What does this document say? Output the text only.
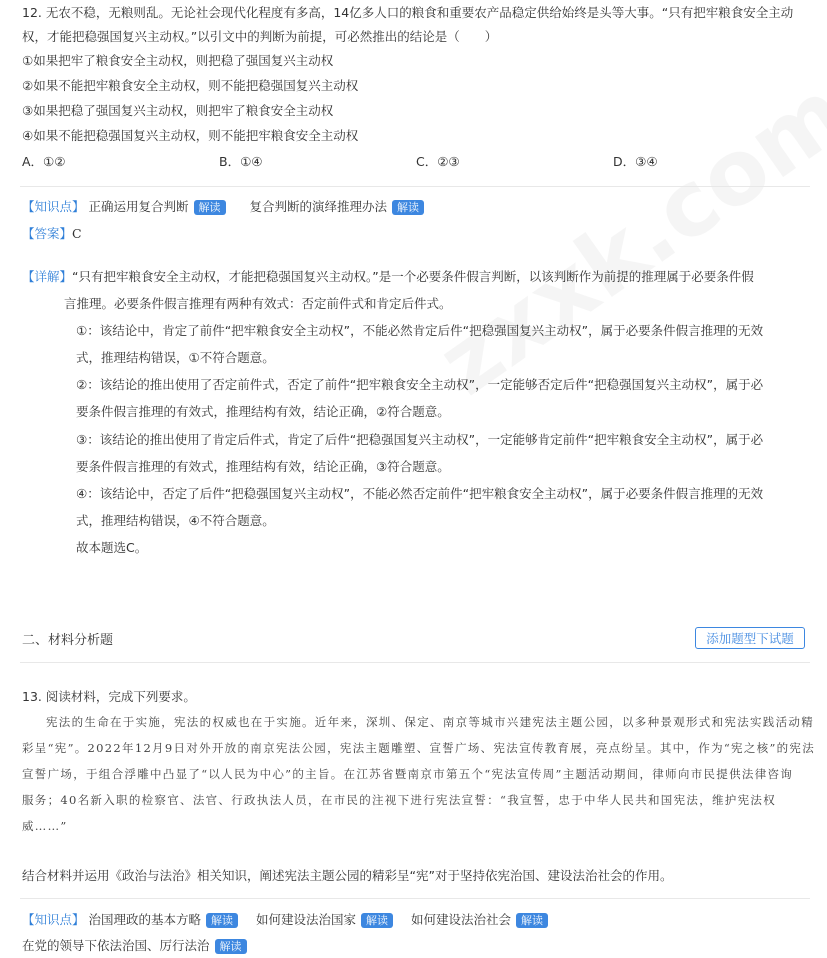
12. 无农不稳，无粮则乱。无论社会现代化程度有多高，14亿多人口的粮食和重要农产品稳定供给始终是头等大事。“只有把牢粮食安全主动
权，才能把稳强国复兴主动权。”以引文中的判断为前提，可必然推出的结论是（　　）
①如果把牢了粮食安全主动权，则把稳了强国复兴主动权
②如果不能把牢粮食安全主动权，则不能把稳强国复兴主动权
③如果把稳了强国复兴主动权，则把牢了粮食安全主动权
④如果不能把稳强国复兴主动权，则不能把牢粮食安全主动权
A．①②	B．①④	C．②③	D．③④
【知识点】 正确运用复合判断 解读 复合判断的演绎推理办法 解读
【答案】C
【详解】“只有把牢粮食安全主动权，才能把稳强国复兴主动权。”是一个必要条件假言判断，以该判断作为前提的推理属于必要条件假
言推理。必要条件假言推理有两种有效式：否定前件式和肯定后件式。
①：该结论中，肯定了前件“把牢粮食安全主动权”，不能必然肯定后件“把稳强国复兴主动权”，属于必要条件假言推理的无效
式，推理结构错误，①不符合题意。
②：该结论的推出使用了否定前件式，否定了前件“把牢粮食安全主动权”，一定能够否定后件“把稳强国复兴主动权”，属于必
要条件假言推理的有效式，推理结构有效，结论正确，②符合题意。
③：该结论的推出使用了肯定后件式，肯定了后件“把稳强国复兴主动权”，一定能够肯定前件“把牢粮食安全主动权”，属于必
要条件假言推理的有效式，推理结构有效，结论正确，③符合题意。
④：该结论中，否定了后件“把稳强国复兴主动权”，不能必然否定前件“把牢粮食安全主动权”，属于必要条件假言推理的无效
式，推理结构错误，④不符合题意。
故本题选C。
二、材料分析题	添加题型下试题
13. 阅读材料，完成下列要求。
宪法的生命在于实施，宪法的权威也在于实施。近年来，深圳、保定、南京等城市兴建宪法主题公园，以多种景观形式和宪法实践活动精
彩呈“宪”。2022年12月9日对外开放的南京宪法公园，宪法主题雕塑、宣誓广场、宪法宣传教育展，亮点纷呈。其中，作为“宪之核”的宪法
宣誓广场，于组合浮雕中凸显了“以人民为中心”的主旨。在江苏省暨南京市第五个“宪法宣传周”主题活动期间，律师向市民提供法律咨询
服务；40名新入职的检察官、法官、行政执法人员，在市民的注视下进行宪法宣誓：“我宣誓，忠于中华人民共和国宪法，维护宪法权
威……”
结合材料并运用《政治与法治》相关知识，阐述宪法主题公园的精彩呈“宪”对于坚持依宪治国、建设法治社会的作用。
【知识点】 治国理政的基本方略 解读 如何建设法治国家 解读 如何建设法治社会 解读
在党的领导下依法治国、厉行法治 解读
